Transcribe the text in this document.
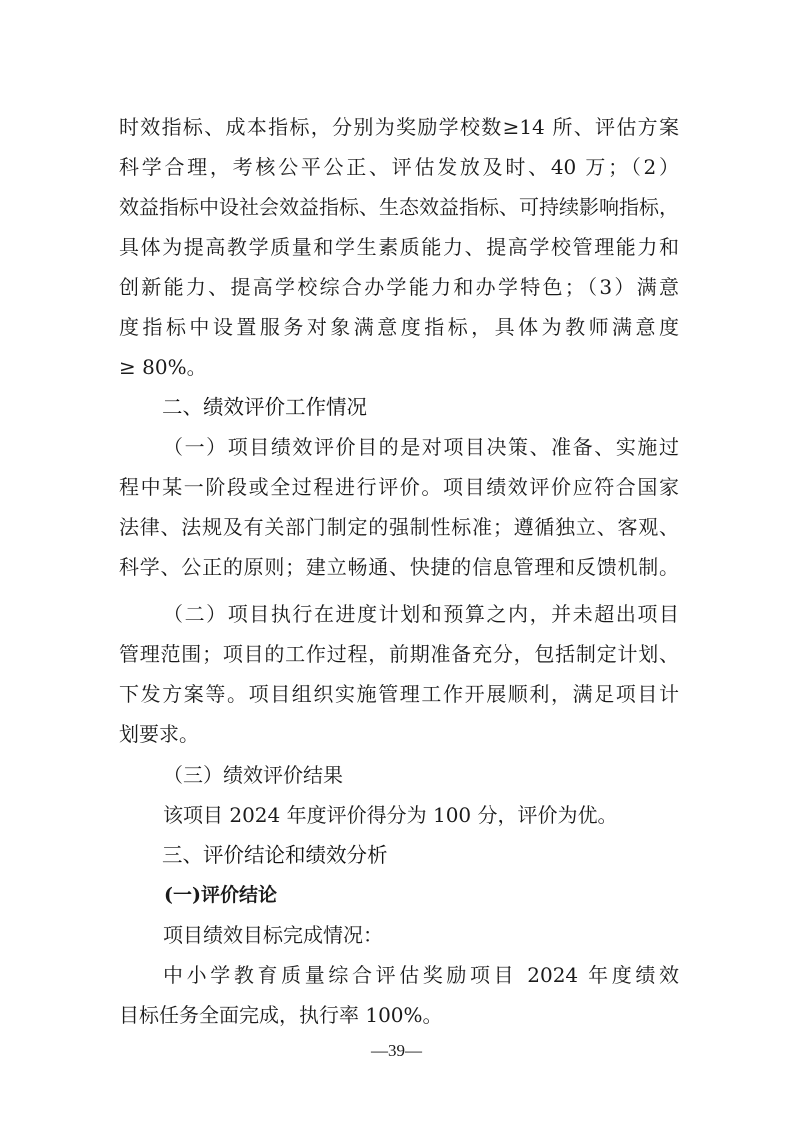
时效指标、成本指标，分别为奖励学校数≥14 所、评估方案
科学合理，考核公平公正、评估发放及时、40 万；（2）
效益指标中设社会效益指标、生态效益指标、可持续影响指标，
具体为提高教学质量和学生素质能力、提高学校管理能力和
创新能力、提高学校综合办学能力和办学特色；（3）满意
度指标中设置服务对象满意度指标，具体为教师满意度
≥ 80%。
二、绩效评价工作情况
（一）项目绩效评价目的是对项目决策、准备、实施过
程中某一阶段或全过程进行评价。项目绩效评价应符合国家
法律、法规及有关部门制定的强制性标准；遵循独立、客观、
科学、公正的原则；建立畅通、快捷的信息管理和反馈机制。
（二）项目执行在进度计划和预算之内，并未超出项目
管理范围；项目的工作过程，前期准备充分，包括制定计划、
下发方案等。项目组织实施管理工作开展顺利，满足项目计
划要求。
（三）绩效评价结果
该项目 2024 年度评价得分为 100 分，评价为优。
三、评价结论和绩效分析
(一)评价结论
项目绩效目标完成情况：
中小学教育质量综合评估奖励项目 2024 年度绩效
目标任务全面完成，执行率 100%。
—39—
